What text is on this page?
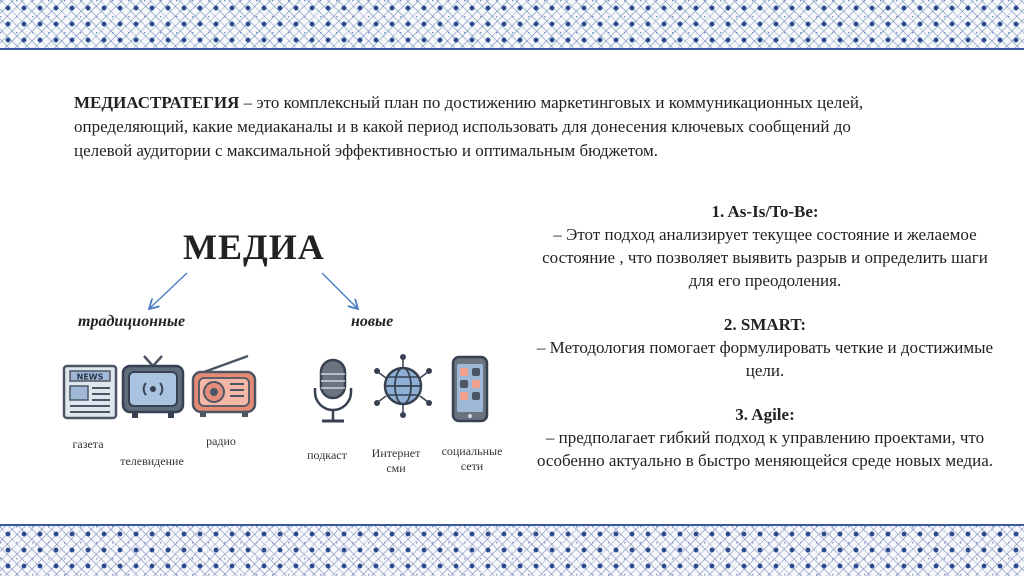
МЕДИАСТРАТЕГИЯ – это комплексный план по достижению маркетинговых и коммуникационных целей, определяющий, какие медиаканалы и в какой период использовать для донесения ключевых сообщений до целевой аудитории с максимальной эффективностью и оптимальным бюджетом.

МЕДИА
традиционные	новые
NEWS
газета
телевидение
радио
подкаст	Интернет
сми
социальные
сети
1. As-Is/To-Be:

– Этот подход анализирует текущее состояние и желаемое состояние , что позволяет выявить разрыв и определить шаги для его преодоления.

2. SMART:

– Методология помогает формулировать четкие и достижимые цели.

3. Agile:

– предполагает гибкий подход к управлению проектами, что особенно актуально в быстро меняющейся среде новых медиа.
